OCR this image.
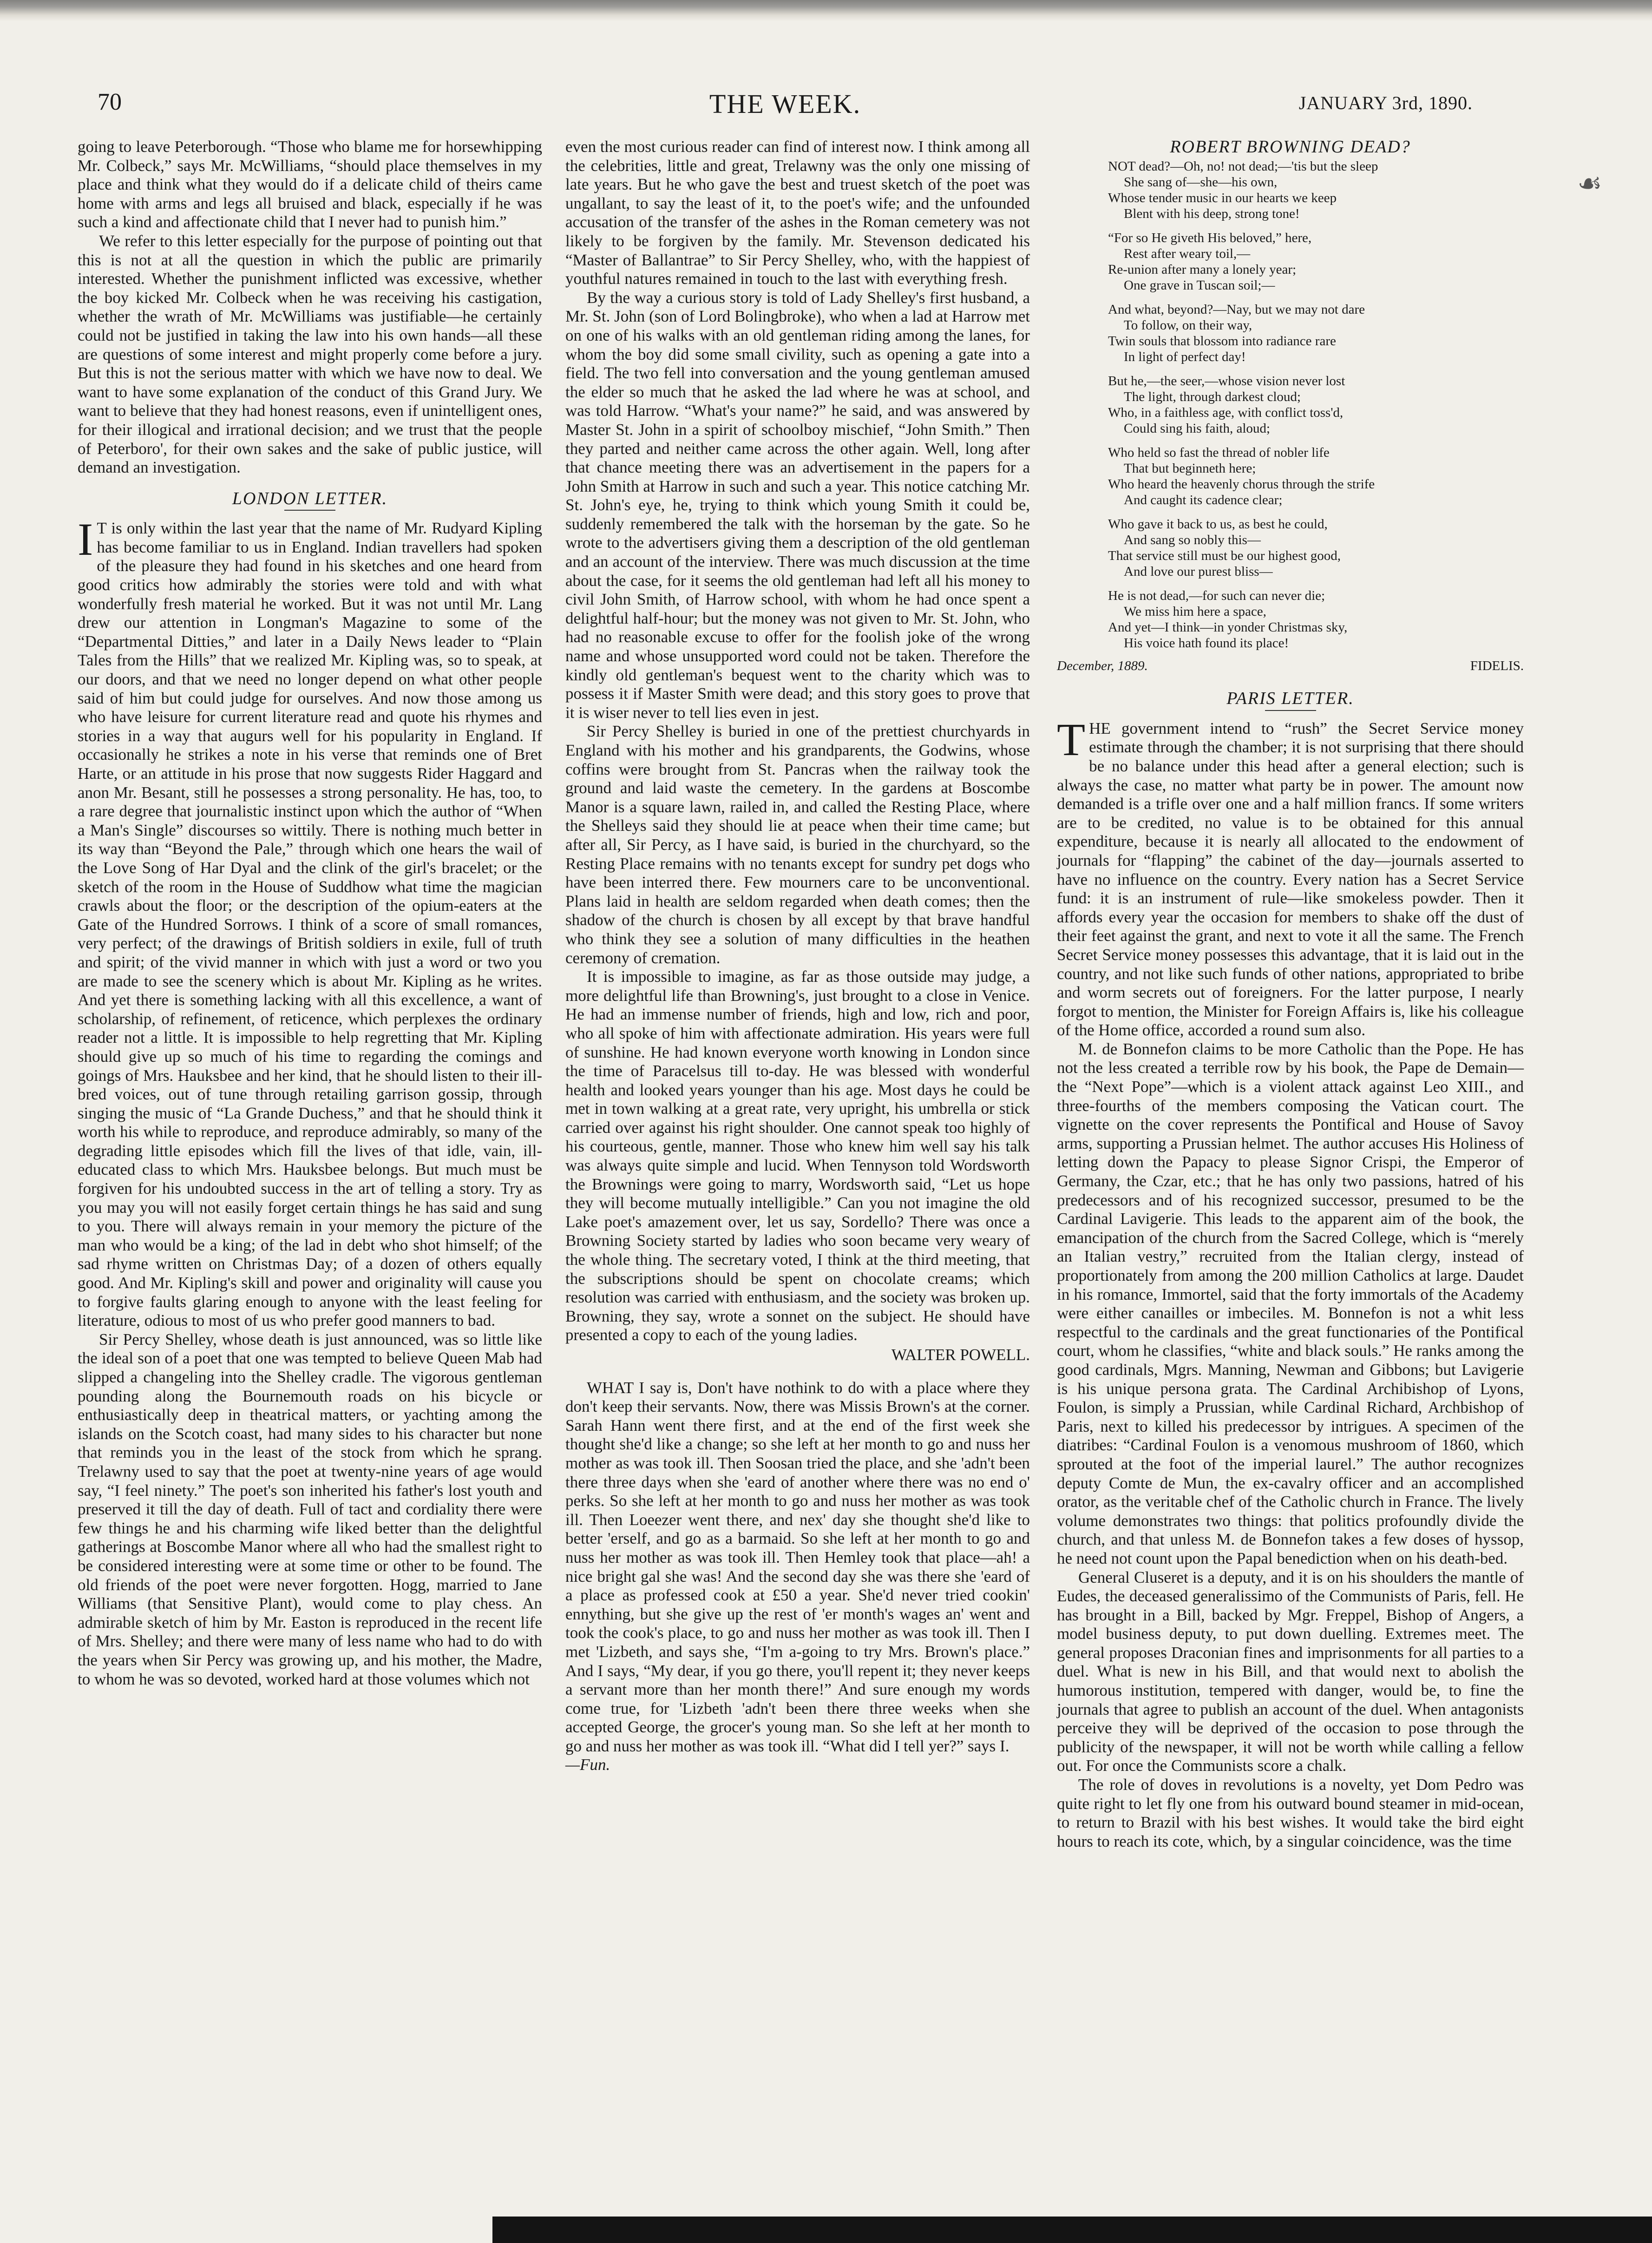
70	THE WEEK.	JANUARY 3rd, 1890.
☙

going to leave Peterborough. “Those who blame me for horsewhipping Mr. Colbeck,” says Mr. McWilliams, “should place themselves in my place and think what they would do if a delicate child of theirs came home with arms and legs all bruised and black, especially if he was such a kind and affectionate child that I never had to punish him.”

We refer to this letter especially for the purpose of pointing out that this is not at all the question in which the public are primarily interested. Whether the punishment inflicted was excessive, whether the boy kicked Mr. Colbeck when he was receiving his castigation, whether the wrath of Mr. McWilliams was justifiable—he certainly could not be justified in taking the law into his own hands—all these are questions of some interest and might properly come before a jury. But this is not the serious matter with which we have now to deal. We want to have some explanation of the conduct of this Grand Jury. We want to believe that they had honest reasons, even if unintelligent ones, for their illogical and irrational decision; and we trust that the people of Peterboro', for their own sakes and the sake of public justice, will demand an investigation.

LONDON LETTER.

I T is only within the last year that the name of Mr. Rudyard Kipling has become familiar to us in England. Indian travellers had spoken of the pleasure they had found in his sketches and one heard from good critics how admirably the stories were told and with what wonderfully fresh material he worked. But it was not until Mr. Lang drew our attention in Longman's Magazine to some of the “Departmental Ditties,” and later in a Daily News leader to “Plain Tales from the Hills” that we realized Mr. Kipling was, so to speak, at our doors, and that we need no longer depend on what other people said of him but could judge for ourselves. And now those among us who have leisure for current literature read and quote his rhymes and stories in a way that augurs well for his popularity in England. If occasionally he strikes a note in his verse that reminds one of Bret Harte, or an attitude in his prose that now suggests Rider Haggard and anon Mr. Besant, still he possesses a strong personality. He has, too, to a rare degree that journalistic instinct upon which the author of “When a Man's Single” discourses so wittily. There is nothing much better in its way than “Beyond the Pale,” through which one hears the wail of the Love Song of Har Dyal and the clink of the girl's bracelet; or the sketch of the room in the House of Suddhow what time the magician crawls about the floor; or the description of the opium-eaters at the Gate of the Hundred Sorrows. I think of a score of small romances, very perfect; of the drawings of British soldiers in exile, full of truth and spirit; of the vivid manner in which with just a word or two you are made to see the scenery which is about Mr. Kipling as he writes. And yet there is something lacking with all this excellence, a want of scholarship, of refinement, of reticence, which perplexes the ordinary reader not a little. It is impossible to help regretting that Mr. Kipling should give up so much of his time to regarding the comings and goings of Mrs. Hauksbee and her kind, that he should listen to their ill-bred voices, out of tune through retailing garrison gossip, through singing the music of “La Grande Duchess,” and that he should think it worth his while to reproduce, and reproduce admirably, so many of the degrading little episodes which fill the lives of that idle, vain, ill-educated class to which Mrs. Hauksbee belongs. But much must be forgiven for his undoubted success in the art of telling a story. Try as you may you will not easily forget certain things he has said and sung to you. There will always remain in your memory the picture of the man who would be a king; of the lad in debt who shot himself; of the sad rhyme written on Christmas Day; of a dozen of others equally good. And Mr. Kipling's skill and power and originality will cause you to forgive faults glaring enough to anyone with the least feeling for literature, odious to most of us who prefer good manners to bad.

Sir Percy Shelley, whose death is just announced, was so little like the ideal son of a poet that one was tempted to believe Queen Mab had slipped a changeling into the Shelley cradle. The vigorous gentleman pounding along the Bournemouth roads on his bicycle or enthusiastically deep in theatrical matters, or yachting among the islands on the Scotch coast, had many sides to his character but none that reminds you in the least of the stock from which he sprang. Trelawny used to say that the poet at twenty-nine years of age would say, “I feel ninety.” The poet's son inherited his father's lost youth and preserved it till the day of death. Full of tact and cordiality there were few things he and his charming wife liked better than the delightful gatherings at Boscombe Manor where all who had the smallest right to be considered interesting were at some time or other to be found. The old friends of the poet were never forgotten. Hogg, married to Jane Williams (that Sensitive Plant), would come to play chess. An admirable sketch of him by Mr. Easton is reproduced in the recent life of Mrs. Shelley; and there were many of less name who had to do with the years when Sir Percy was growing up, and his mother, the Madre, to whom he was so devoted, worked hard at those volumes which not

even the most curious reader can find of interest now. I think among all the celebrities, little and great, Trelawny was the only one missing of late years. But he who gave the best and truest sketch of the poet was ungallant, to say the least of it, to the poet's wife; and the unfounded accusation of the transfer of the ashes in the Roman cemetery was not likely to be forgiven by the family. Mr. Stevenson dedicated his “Master of Ballantrae” to Sir Percy Shelley, who, with the happiest of youthful natures remained in touch to the last with everything fresh.

By the way a curious story is told of Lady Shelley's first husband, a Mr. St. John (son of Lord Bolingbroke), who when a lad at Harrow met on one of his walks with an old gentleman riding among the lanes, for whom the boy did some small civility, such as opening a gate into a field. The two fell into conversation and the young gentleman amused the elder so much that he asked the lad where he was at school, and was told Harrow. “What's your name?” he said, and was answered by Master St. John in a spirit of schoolboy mischief, “John Smith.” Then they parted and neither came across the other again. Well, long after that chance meeting there was an advertisement in the papers for a John Smith at Harrow in such and such a year. This notice catching Mr. St. John's eye, he, trying to think which young Smith it could be, suddenly remembered the talk with the horseman by the gate. So he wrote to the advertisers giving them a description of the old gentleman and an account of the interview. There was much discussion at the time about the case, for it seems the old gentleman had left all his money to civil John Smith, of Harrow school, with whom he had once spent a delightful half-hour; but the money was not given to Mr. St. John, who had no reasonable excuse to offer for the foolish joke of the wrong name and whose unsupported word could not be taken. Therefore the kindly old gentleman's bequest went to the charity which was to possess it if Master Smith were dead; and this story goes to prove that it is wiser never to tell lies even in jest.

Sir Percy Shelley is buried in one of the prettiest churchyards in England with his mother and his grandparents, the Godwins, whose coffins were brought from St. Pancras when the railway took the ground and laid waste the cemetery. In the gardens at Boscombe Manor is a square lawn, railed in, and called the Resting Place, where the Shelleys said they should lie at peace when their time came; but after all, Sir Percy, as I have said, is buried in the churchyard, so the Resting Place remains with no tenants except for sundry pet dogs who have been interred there. Few mourners care to be unconventional. Plans laid in health are seldom regarded when death comes; then the shadow of the church is chosen by all except by that brave handful who think they see a solution of many difficulties in the heathen ceremony of cremation.

It is impossible to imagine, as far as those outside may judge, a more delightful life than Browning's, just brought to a close in Venice. He had an immense number of friends, high and low, rich and poor, who all spoke of him with affectionate admiration. His years were full of sunshine. He had known everyone worth knowing in London since the time of Paracelsus till to-day. He was blessed with wonderful health and looked years younger than his age. Most days he could be met in town walking at a great rate, very upright, his umbrella or stick carried over against his right shoulder. One cannot speak too highly of his courteous, gentle, manner. Those who knew him well say his talk was always quite simple and lucid. When Tennyson told Wordsworth the Brownings were going to marry, Wordsworth said, “Let us hope they will become mutually intelligible.” Can you not imagine the old Lake poet's amazement over, let us say, Sordello? There was once a Browning Society started by ladies who soon became very weary of the whole thing. The secretary voted, I think at the third meeting, that the subscriptions should be spent on chocolate creams; which resolution was carried with enthusiasm, and the society was broken up. Browning, they say, wrote a sonnet on the subject. He should have presented a copy to each of the young ladies.

WALTER POWELL.

WHAT I say is, Don't have nothink to do with a place where they don't keep their servants. Now, there was Missis Brown's at the corner. Sarah Hann went there first, and at the end of the first week she thought she'd like a change; so she left at her month to go and nuss her mother as was took ill. Then Soosan tried the place, and she 'adn't been there three days when she 'eard of another where there was no end o' perks. So she left at her month to go and nuss her mother as was took ill. Then Loeezer went there, and nex' day she thought she'd like to better 'erself, and go as a barmaid. So she left at her month to go and nuss her mother as was took ill. Then Hemley took that place—ah! a nice bright gal she was! And the second day she was there she 'eard of a place as professed cook at £50 a year. She'd never tried cookin' ennything, but she give up the rest of 'er month's wages an' went and took the cook's place, to go and nuss her mother as was took ill. Then I met 'Lizbeth, and says she, “I'm a-going to try Mrs. Brown's place.” And I says, “My dear, if you go there, you'll repent it; they never keeps a servant more than her month there!” And sure enough my words come true, for 'Lizbeth 'adn't been there three weeks when she accepted George, the grocer's young man. So she left at her month to go and nuss her mother as was took ill. “What did I tell yer?” says I.

—Fun.

ROBERT BROWNING DEAD?
NOT dead?—Oh, no! not dead;—'tis but the sleep
She sang of—she—his own,
Whose tender music in our hearts we keep
Blent with his deep, strong tone!
“For so He giveth His beloved,” here,
Rest after weary toil,—
Re-union after many a lonely year;
One grave in Tuscan soil;—
And what, beyond?—Nay, but we may not dare
To follow, on their way,
Twin souls that blossom into radiance rare
In light of perfect day!
But he,—the seer,—whose vision never lost
The light, through darkest cloud;
Who, in a faithless age, with conflict toss'd,
Could sing his faith, aloud;
Who held so fast the thread of nobler life
That but beginneth here;
Who heard the heavenly chorus through the strife
And caught its cadence clear;
Who gave it back to us, as best he could,
And sang so nobly this—
That service still must be our highest good,
And love our purest bliss—
He is not dead,—for such can never die;
We miss him here a space,
And yet—I think—in yonder Christmas sky,
His voice hath found its place!
December, 1889.	FIDELIS.
PARIS LETTER.

THE government intend to “rush” the Secret Service money estimate through the chamber; it is not surprising that there should be no balance under this head after a general election; such is always the case, no matter what party be in power. The amount now demanded is a trifle over one and a half million francs. If some writers are to be credited, no value is to be obtained for this annual expenditure, because it is nearly all allocated to the endowment of journals for “flapping” the cabinet of the day—journals asserted to have no influence on the country. Every nation has a Secret Service fund: it is an instrument of rule—like smokeless powder. Then it affords every year the occasion for members to shake off the dust of their feet against the grant, and next to vote it all the same. The French Secret Service money possesses this advantage, that it is laid out in the country, and not like such funds of other nations, appropriated to bribe and worm secrets out of foreigners. For the latter purpose, I nearly forgot to mention, the Minister for Foreign Affairs is, like his colleague of the Home office, accorded a round sum also.

M. de Bonnefon claims to be more Catholic than the Pope. He has not the less created a terrible row by his book, the Pape de Demain—the “Next Pope”—which is a violent attack against Leo XIII., and three-fourths of the members composing the Vatican court. The vignette on the cover represents the Pontifical and House of Savoy arms, supporting a Prussian helmet. The author accuses His Holiness of letting down the Papacy to please Signor Crispi, the Emperor of Germany, the Czar, etc.; that he has only two passions, hatred of his predecessors and of his recognized successor, presumed to be the Cardinal Lavigerie. This leads to the apparent aim of the book, the emancipation of the church from the Sacred College, which is “merely an Italian vestry,” recruited from the Italian clergy, instead of proportionately from among the 200 million Catholics at large. Daudet in his romance, Immortel, said that the forty immortals of the Academy were either canailles or imbeciles. M. Bonnefon is not a whit less respectful to the cardinals and the great functionaries of the Pontifical court, whom he classifies, “white and black souls.” He ranks among the good cardinals, Mgrs. Manning, Newman and Gibbons; but Lavigerie is his unique persona grata. The Cardinal Archibishop of Lyons, Foulon, is simply a Prussian, while Cardinal Richard, Archbishop of Paris, next to killed his predecessor by intrigues. A specimen of the diatribes: “Cardinal Foulon is a venomous mushroom of 1860, which sprouted at the foot of the imperial laurel.” The author recognizes deputy Comte de Mun, the ex-cavalry officer and an accomplished orator, as the veritable chef of the Catholic church in France. The lively volume demonstrates two things: that politics profoundly divide the church, and that unless M. de Bonnefon takes a few doses of hyssop, he need not count upon the Papal benediction when on his death-bed.

General Cluseret is a deputy, and it is on his shoulders the mantle of Eudes, the deceased generalissimo of the Communists of Paris, fell. He has brought in a Bill, backed by Mgr. Freppel, Bishop of Angers, a model business deputy, to put down duelling. Extremes meet. The general proposes Draconian fines and imprisonments for all parties to a duel. What is new in his Bill, and that would next to abolish the humorous institution, tempered with danger, would be, to fine the journals that agree to publish an account of the duel. When antagonists perceive they will be deprived of the occasion to pose through the publicity of the newspaper, it will not be worth while calling a fellow out. For once the Communists score a chalk.

The role of doves in revolutions is a novelty, yet Dom Pedro was quite right to let fly one from his outward bound steamer in mid-ocean, to return to Brazil with his best wishes. It would take the bird eight hours to reach its cote, which, by a singular coincidence, was the time
